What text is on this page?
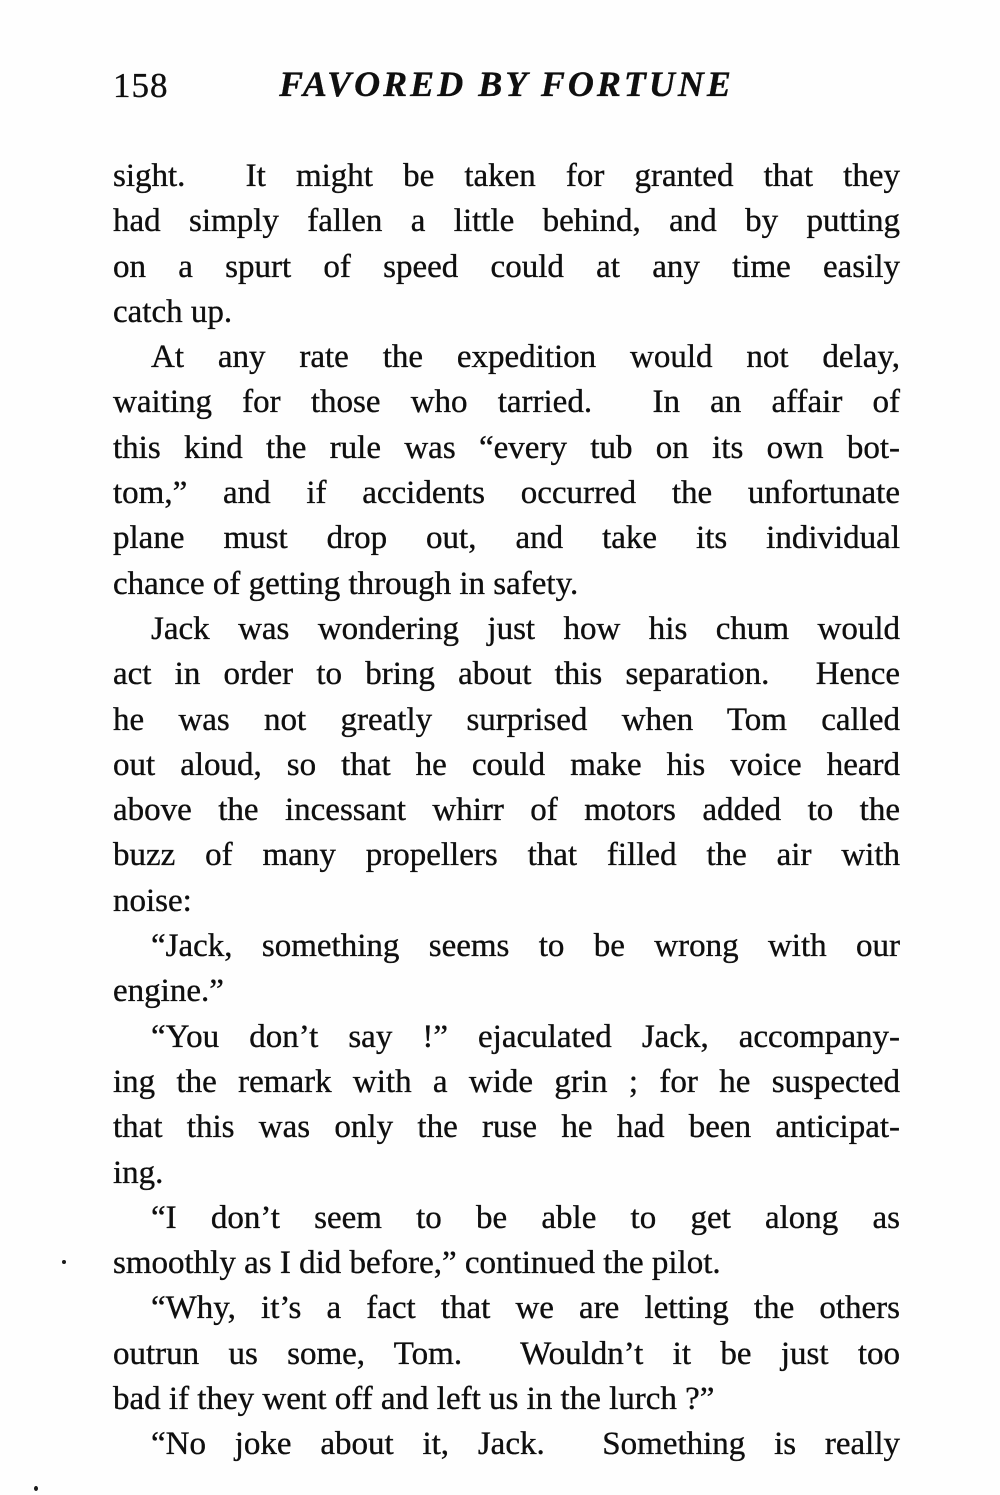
158	FAVORED BY FORTUNE
sight.  It might be taken for granted that they
had simply fallen a little behind, and by putting
on a spurt of speed could at any time easily
catch up.
At any rate the expedition would not delay,
waiting for those who tarried.  In an affair of
this kind the rule was “every tub on its own bot-
tom,” and if accidents occurred the unfortunate
plane must drop out, and take its individual
chance of getting through in safety.
Jack was wondering just how his chum would
act in order to bring about this separation.  Hence
he was not greatly surprised when Tom called
out aloud, so that he could make his voice heard
above the incessant whirr of motors added to the
buzz of many propellers that filled the air with
noise:
“Jack, something seems to be wrong with our
engine.”
“You don’t say !” ejaculated Jack, accompany-
ing the remark with a wide grin ; for he suspected
that this was only the ruse he had been anticipat-
ing.
“I don’t seem to be able to get along as
smoothly as I did before,” continued the pilot.
“Why, it’s a fact that we are letting the others
outrun us some, Tom.  Wouldn’t it be just too
bad if they went off and left us in the lurch ?”
“No joke about it, Jack.  Something is really
